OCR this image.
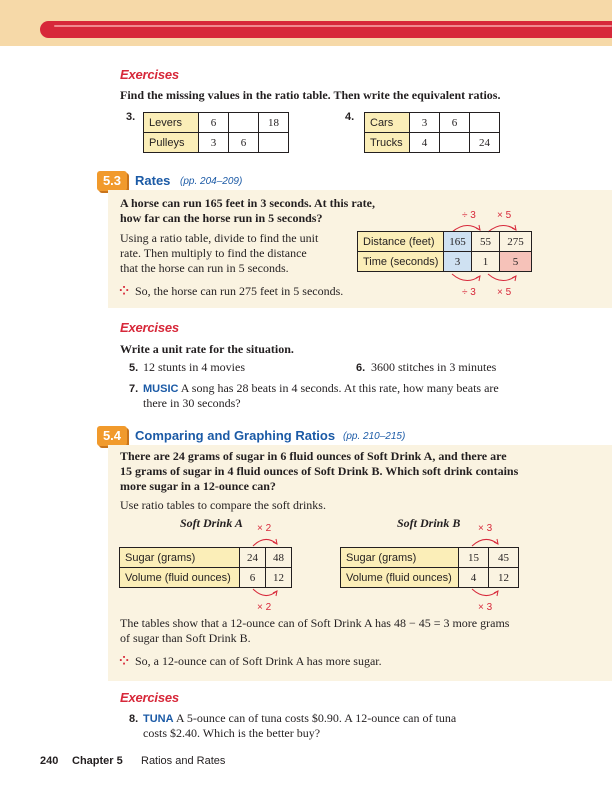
Exercises
Find the missing values in the ratio table. Then write the equivalent ratios.
3. Levers	6		18
Pulleys	3	6	
4. Cars	3	6	
Trucks	4		24
5.3	Rates (pp. 204–209)
A horse can run 165 feet in 3 seconds. At this rate,
how far can the horse run in 5 seconds?
Using a ratio table, divide to find the unit
rate. Then multiply to find the distance
that the horse can run in 5 seconds.
⁘ So, the horse can run 275 feet in 5 seconds.
÷ 3 × 5
Distance (feet)	165	55	275
Time (seconds)	3	1	5
÷ 3 × 5
Exercises
Write a unit rate for the situation.
5. 12 stunts in 4 movies	6. 3600 stitches in 3 minutes
7. MUSIC A song has 28 beats in 4 seconds. At this rate, how many beats are
there in 30 seconds?
5.4	Comparing and Graphing Ratios (pp. 210–215)
There are 24 grams of sugar in 6 fluid ounces of Soft Drink A, and there are
15 grams of sugar in 4 fluid ounces of Soft Drink B. Which soft drink contains
more sugar in a 12-ounce can?
Use ratio tables to compare the soft drinks.
Soft Drink A × 2
Sugar (grams)	24	48
Volume (fluid ounces)	6	12
× 2
Soft Drink B × 3
Sugar (grams)	15	45
Volume (fluid ounces)	4	12
× 3
The tables show that a 12-ounce can of Soft Drink A has 48 − 45 = 3 more grams
of sugar than Soft Drink B.
⁘ So, a 12-ounce can of Soft Drink A has more sugar.
Exercises
8. TUNA A 5-ounce can of tuna costs $0.90. A 12-ounce can of tuna
costs $2.40. Which is the better buy?
240 Chapter 5 Ratios and Rates
